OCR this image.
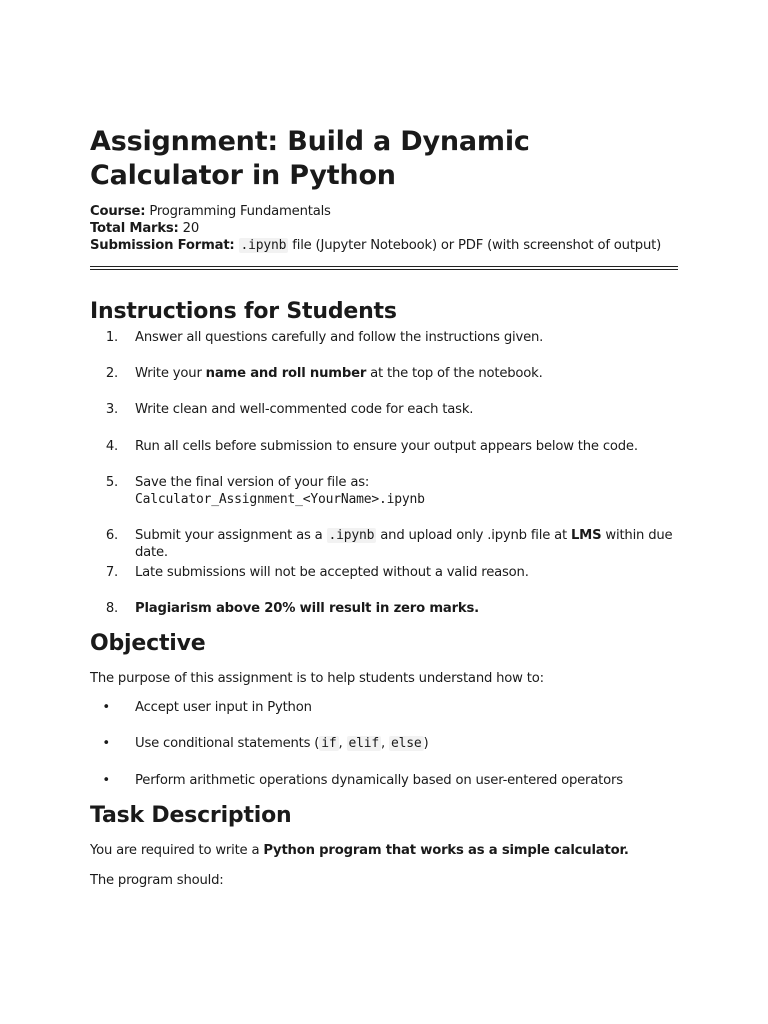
Assignment: Build a Dynamic Calculator in Python
Course: Programming Fundamentals
Total Marks: 20
Submission Format: .ipynb file (Jupyter Notebook) or PDF (with screenshot of output)
Instructions for Students
1. Answer all questions carefully and follow the instructions given.
2. Write your name and roll number at the top of the notebook.
3. Write clean and well-commented code for each task.
4. Run all cells before submission to ensure your output appears below the code.
5. Save the final version of your file as:
Calculator_Assignment_<YourName>.ipynb
6. Submit your assignment as a .ipynb and upload only .ipynb file at LMS within due date.
7. Late submissions will not be accepted without a valid reason.
8. Plagiarism above 20% will result in zero marks.
Objective
The purpose of this assignment is to help students understand how to:
• Accept user input in Python
• Use conditional statements ( if , elif , else )
• Perform arithmetic operations dynamically based on user-entered operators
Task Description
You are required to write a Python program that works as a simple calculator.
The program should:
